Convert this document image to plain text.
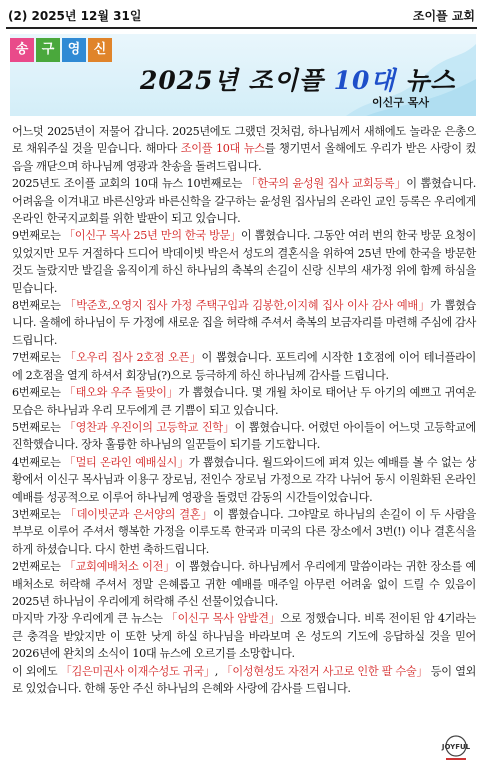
(2) 2025년 12월 31일	조이플 교회
송	구	영	신
2025년 조이플 10대 뉴스
이신구 목사

어느덧 2025년이 저물어 갑니다. 2025년에도 그랬던 것처럼, 하나님께서 새해에도 놀라운 은총으로 채워주실 것을 믿습니다. 해마다 조이플 10대 뉴스를 챙기면서 올해에도 우리가 받은 사랑이 컸음을 깨닫으며 하나님께 영광과 찬송을 돌려드립니다.

2025년도 조이플 교회의 10대 뉴스 10번째로는 「한국의 윤성원 집사 교회등록」이 뽑혔습니다. 어려움을 이겨내고 바른신앙과 바른신학을 갈구하는 윤성원 집사님의 온라인 교인 등록은 우리에게 온라인 한국지교회를 위한 발판이 되고 있습니다.

9번째로는 「이신구 목사 25년 만의 한국 방문」이 뽑혔습니다. 그동안 여러 번의 한국 방문 요청이 있었지만 모두 거절하다 드디어 박데이빗 박은서 성도의 결혼식을 위하여 25년 만에 한국을 방문한 것도 놀랐지만 발길을 움직이게 하신 하나님의 축복의 손길이 신랑 신부의 새가정 위에 함께 하심을 믿습니다.

8번째로는 「박준호,오영지 집사 가정 주택구입과 김봉한,이지혜 집사 이사 감사 예배」가 뽑혔습니다. 올해에 하나님이 두 가정에 새로운 집을 허락해 주셔서 축복의 보금자리를 마련해 주심에 감사드립니다.

7번째로는 「오우리 집사 2호점 오픈」이 뽑혔습니다. 포트리에 시작한 1호점에 이어 테너플라이에 2호점을 열게 하셔서 회장님(?)으로 등극하게 하신 하나님께 감사를 드립니다.

6번째로는 「태오와 우주 돌맞이」가 뽑혔습니다. 몇 개월 차이로 태어난 두 아기의 예쁘고 귀여운 모습은 하나님과 우리 모두에게 큰 기쁨이 되고 있습니다.

5번째로는 「영찬과 우진이의 고등학교 진학」이 뽑혔습니다. 어렸던 아이들이 어느덧 고등학교에 진학했습니다. 장차 훌륭한 하나님의 일꾼들이 되기를 기도합니다.

4번째로는 「멀티 온라인 예배실시」가 뽑혔습니다. 월드와이드에 퍼져 있는 예배를 볼 수 없는 상황에서 이신구 목사님과 이용구 장로님, 전인수 장로님 가정으로 각각 나뉘어 동시 이원화된 온라인 예배를 성공적으로 이루어 하나님께 영광을 돌렸던 감동의 시간들이었습니다.

3번째로는 「데이빗군과 은서양의 결혼」이 뽑혔습니다. 그야말로 하나님의 손길이 이 두 사람을 부부로 이루어 주셔서 행복한 가정을 이루도록 한국과 미국의 다른 장소에서 3번(!) 이나 결혼식을 하게 하셨습니다. 다시 한번 축하드립니다.

2번째로는 「교회예배처소 이전」이 뽑혔습니다. 하나님께서 우리에게 말씀이라는 귀한 장소를 예배처소로 허락해 주셔서 정말 은혜롭고 귀한 예배를 매주일 아무런 어려움 없이 드릴 수 있음이 2025년 하나님이 우리에게 허락해 주신 선물이었습니다.

마지막 가장 우리에게 큰 뉴스는 「이신구 목사 암발견」으로 정했습니다. 비록 전이된 암 4기라는 큰 충격을 받았지만 이 또한 낫게 하실 하나님을 바라보며 온 성도의 기도에 응답하실 것을 믿어 2026년에 완치의 소식이 10대 뉴스에 오르기를 소망합니다.

이 외에도 「김은미권사 이재수성도 귀국」, 「이성현성도 자전거 사고로 인한 팔 수술」 등이 열외로 있었습니다. 한해 동안 주신 하나님의 은혜와 사랑에 감사를 드립니다.

JOYFUL
